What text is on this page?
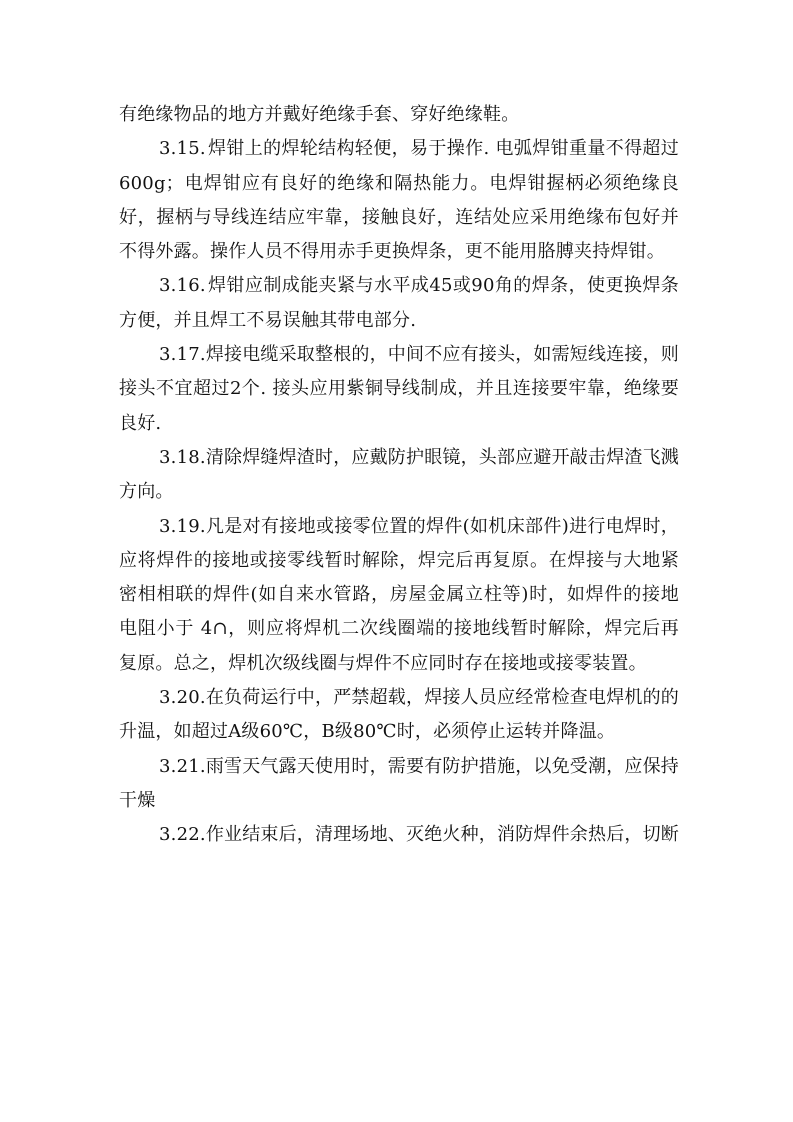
有绝缘物品的地方并戴好绝缘手套、穿好绝缘鞋。

3.15. 焊钳上的焊轮结构轻便，易于操作. 电弧焊钳重量不得超过600g；电焊钳应有良好的绝缘和隔热能力。电焊钳握柄必须绝缘良好，握柄与导线连结应牢靠，接触良好，连结处应采用绝缘布包好并不得外露。操作人员不得用赤手更换焊条，更不能用胳膊夹持焊钳。

3.16. 焊钳应制成能夹紧与水平成45或90角的焊条，使更换焊条方便，并且焊工不易误触其带电部分.

3.17.焊接电缆采取整根的，中间不应有接头，如需短线连接，则接头不宜超过2个. 接头应用紫铜导线制成，并且连接要牢靠，绝缘要良好.

3.18.清除焊缝焊渣时，应戴防护眼镜，头部应避开敲击焊渣飞溅方向。

3.19.凡是对有接地或接零位置的焊件(如机床部件)进行电焊时，应将焊件的接地或接零线暂时解除，焊完后再复原。在焊接与大地紧密相相联的焊件(如自来水管路，房屋金属立柱等)时，如焊件的接地电阻小于 4∩，则应将焊机二次线圈端的接地线暂时解除，焊完后再复原。总之，焊机次级线圈与焊件不应同时存在接地或接零装置。

3.20.在负荷运行中，严禁超载，焊接人员应经常检查电焊机的的升温，如超过A级60℃，B级80℃时，必须停止运转并降温。

3.21.雨雪天气露天使用时，需要有防护措施，以免受潮，应保持干燥

3.22.作业结束后，清理场地、灭绝火种，消防焊件余热后，切断
